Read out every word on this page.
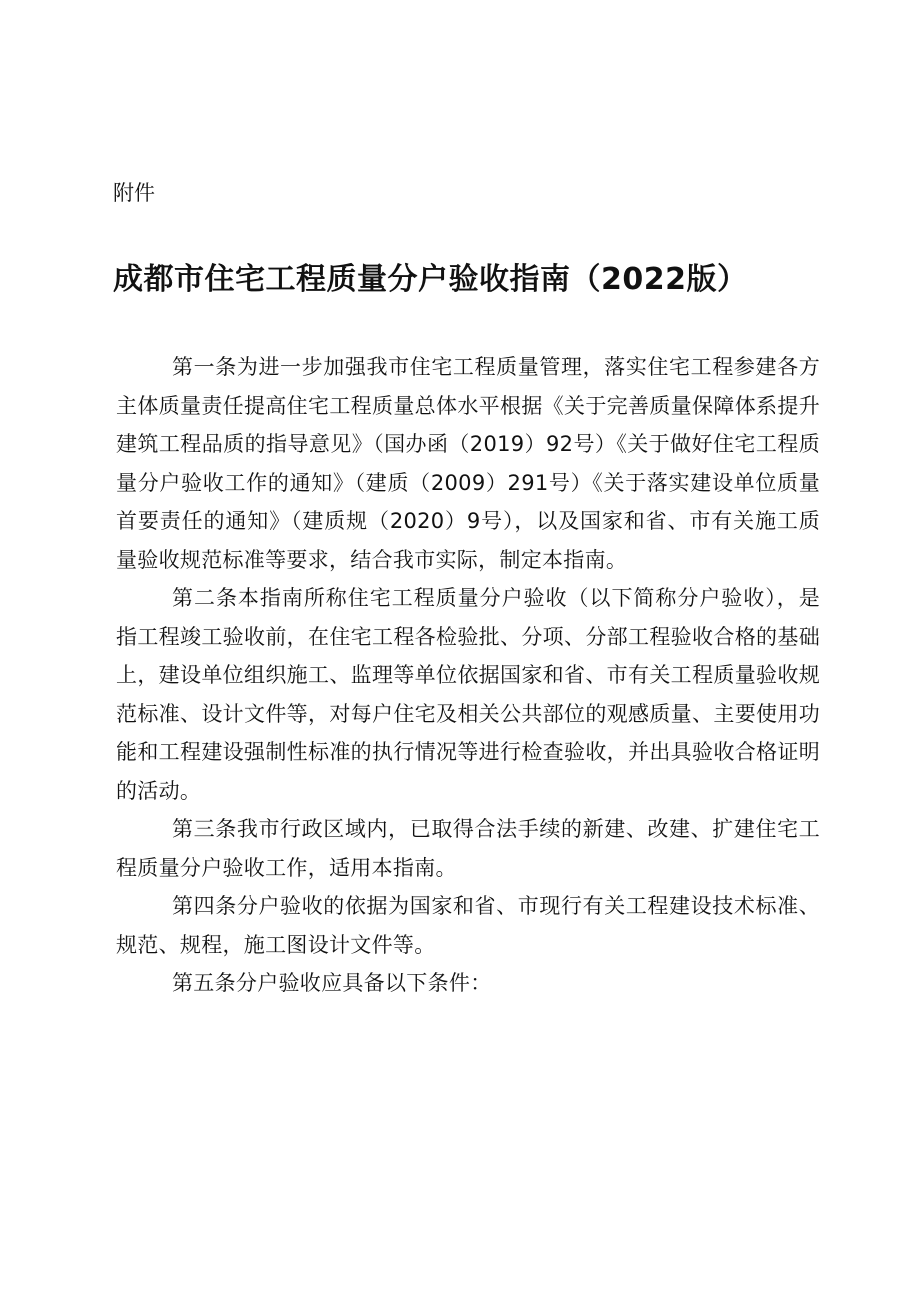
附件

成都市住宅工程质量分户验收指南（2022版）

第一条为进一步加强我市住宅工程质量管理，落实住宅工程参建各方主体质量责任提高住宅工程质量总体水平根据《关于完善质量保障体系提升建筑工程品质的指导意见》（国办函（2019）92号）《关于做好住宅工程质量分户验收工作的通知》（建质（2009）291号）《关于落实建设单位质量首要责任的通知》（建质规（2020）9号），以及国家和省、市有关施工质量验收规范标准等要求，结合我市实际，制定本指南。

第二条本指南所称住宅工程质量分户验收（以下简称分户验收），是指工程竣工验收前，在住宅工程各检验批、分项、分部工程验收合格的基础上，建设单位组织施工、监理等单位依据国家和省、市有关工程质量验收规范标准、设计文件等，对每户住宅及相关公共部位的观感质量、主要使用功能和工程建设强制性标准的执行情况等进行检查验收，并出具验收合格证明的活动。

第三条我市行政区域内，已取得合法手续的新建、改建、扩建住宅工程质量分户验收工作，适用本指南。

第四条分户验收的依据为国家和省、市现行有关工程建设技术标准、规范、规程，施工图设计文件等。

第五条分户验收应具备以下条件：
